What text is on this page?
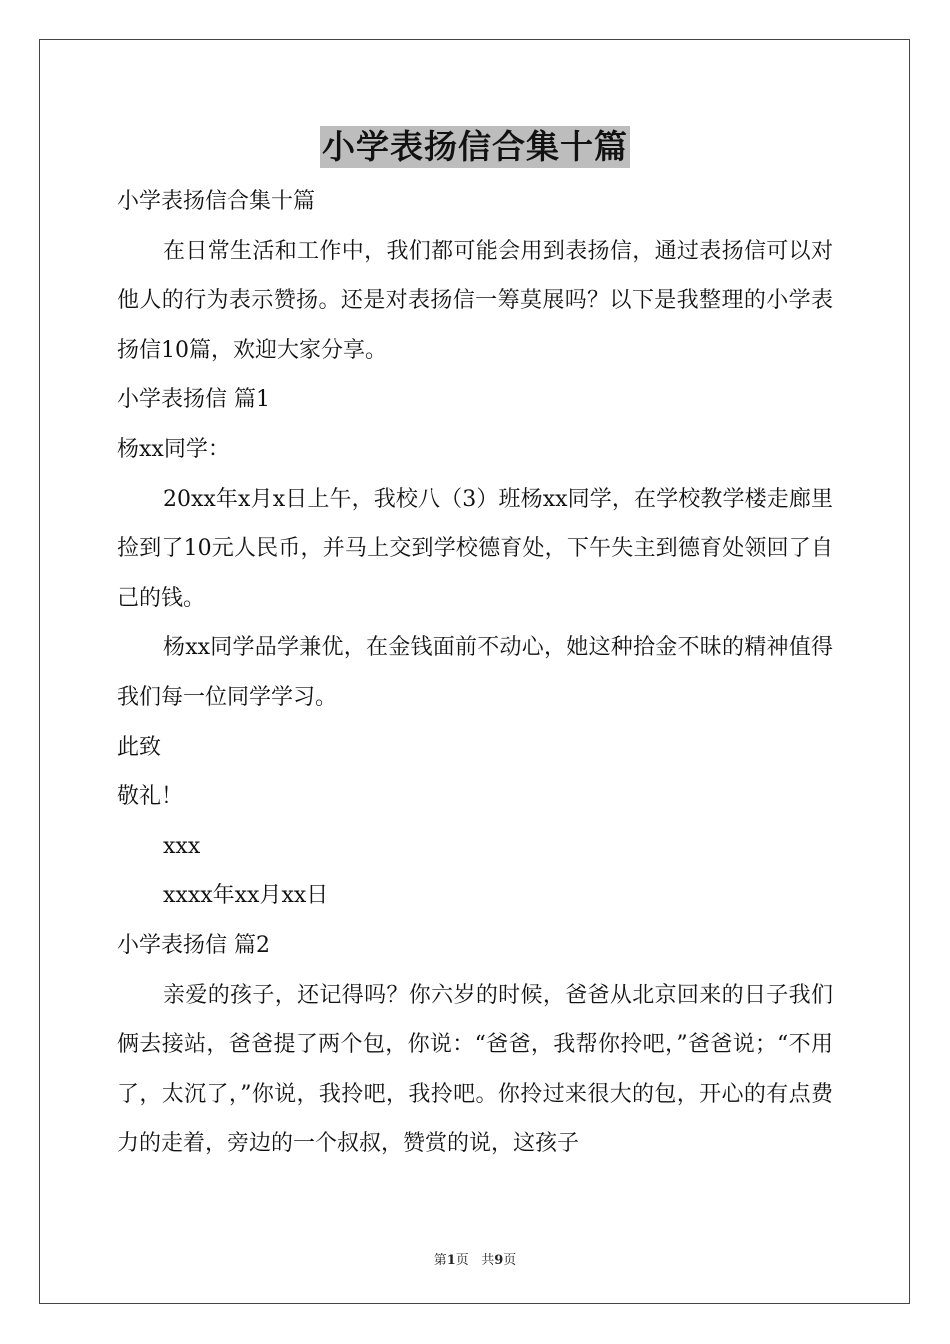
小学表扬信合集十篇

小学表扬信合集十篇

在日常生活和工作中，我们都可能会用到表扬信，通过表扬信可以对他人的行为表示赞扬。还是对表扬信一筹莫展吗？以下是我整理的小学表扬信10篇，欢迎大家分享。

小学表扬信 篇1

杨xx同学：

20xx年x月x日上午，我校八（3）班杨xx同学，在学校教学楼走廊里捡到了10元人民币，并马上交到学校德育处，下午失主到德育处领回了自己的钱。

杨xx同学品学兼优，在金钱面前不动心，她这种拾金不昧的精神值得我们每一位同学学习。

此致

敬礼！

xxx

xxxx年xx月xx日

小学表扬信 篇2

亲爱的孩子，还记得吗？你六岁的时候，爸爸从北京回来的日子我们俩去接站，爸爸提了两个包，你说：“爸爸，我帮你拎吧，”爸爸说；“不用了，太沉了，”你说，我拎吧，我拎吧。你拎过来很大的包，开心的有点费力的走着，旁边的一个叔叔，赞赏的说，这孩子

第1页   共9页
